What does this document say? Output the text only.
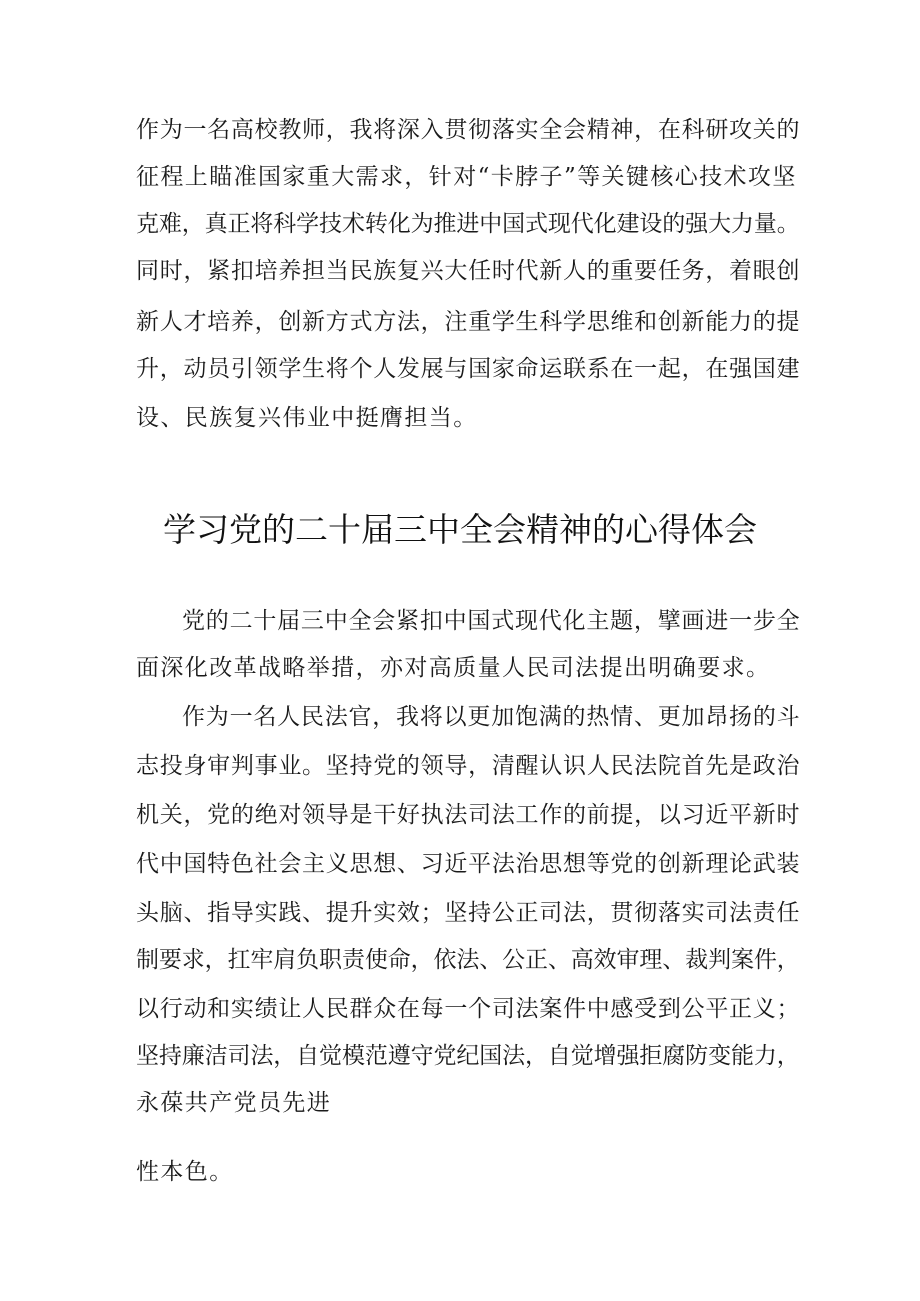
作为一名高校教师，我将深入贯彻落实全会精神，在科研攻关的
征程上瞄准国家重大需求，针对“卡脖子”等关键核心技术攻坚
克难，真正将科学技术转化为推进中国式现代化建设的强大力量。
同时，紧扣培养担当民族复兴大任时代新人的重要任务，着眼创
新人才培养，创新方式方法，注重学生科学思维和创新能力的提
升，动员引领学生将个人发展与国家命运联系在一起，在强国建
设、民族复兴伟业中挺膺担当。
学习党的二十届三中全会精神的心得体会
党的二十届三中全会紧扣中国式现代化主题，擘画进一步全
面深化改革战略举措，亦对高质量人民司法提出明确要求。
作为一名人民法官，我将以更加饱满的热情、更加昂扬的斗
志投身审判事业。坚持党的领导，清醒认识人民法院首先是政治
机关，党的绝对领导是干好执法司法工作的前提，以习近平新时
代中国特色社会主义思想、习近平法治思想等党的创新理论武装
头脑、指导实践、提升实效；坚持公正司法，贯彻落实司法责任
制要求，扛牢肩负职责使命，依法、公正、高效审理、裁判案件，
以行动和实绩让人民群众在每一个司法案件中感受到公平正义；
坚持廉洁司法，自觉模范遵守党纪国法，自觉增强拒腐防变能力，
永葆共产党员先进
性本色。
